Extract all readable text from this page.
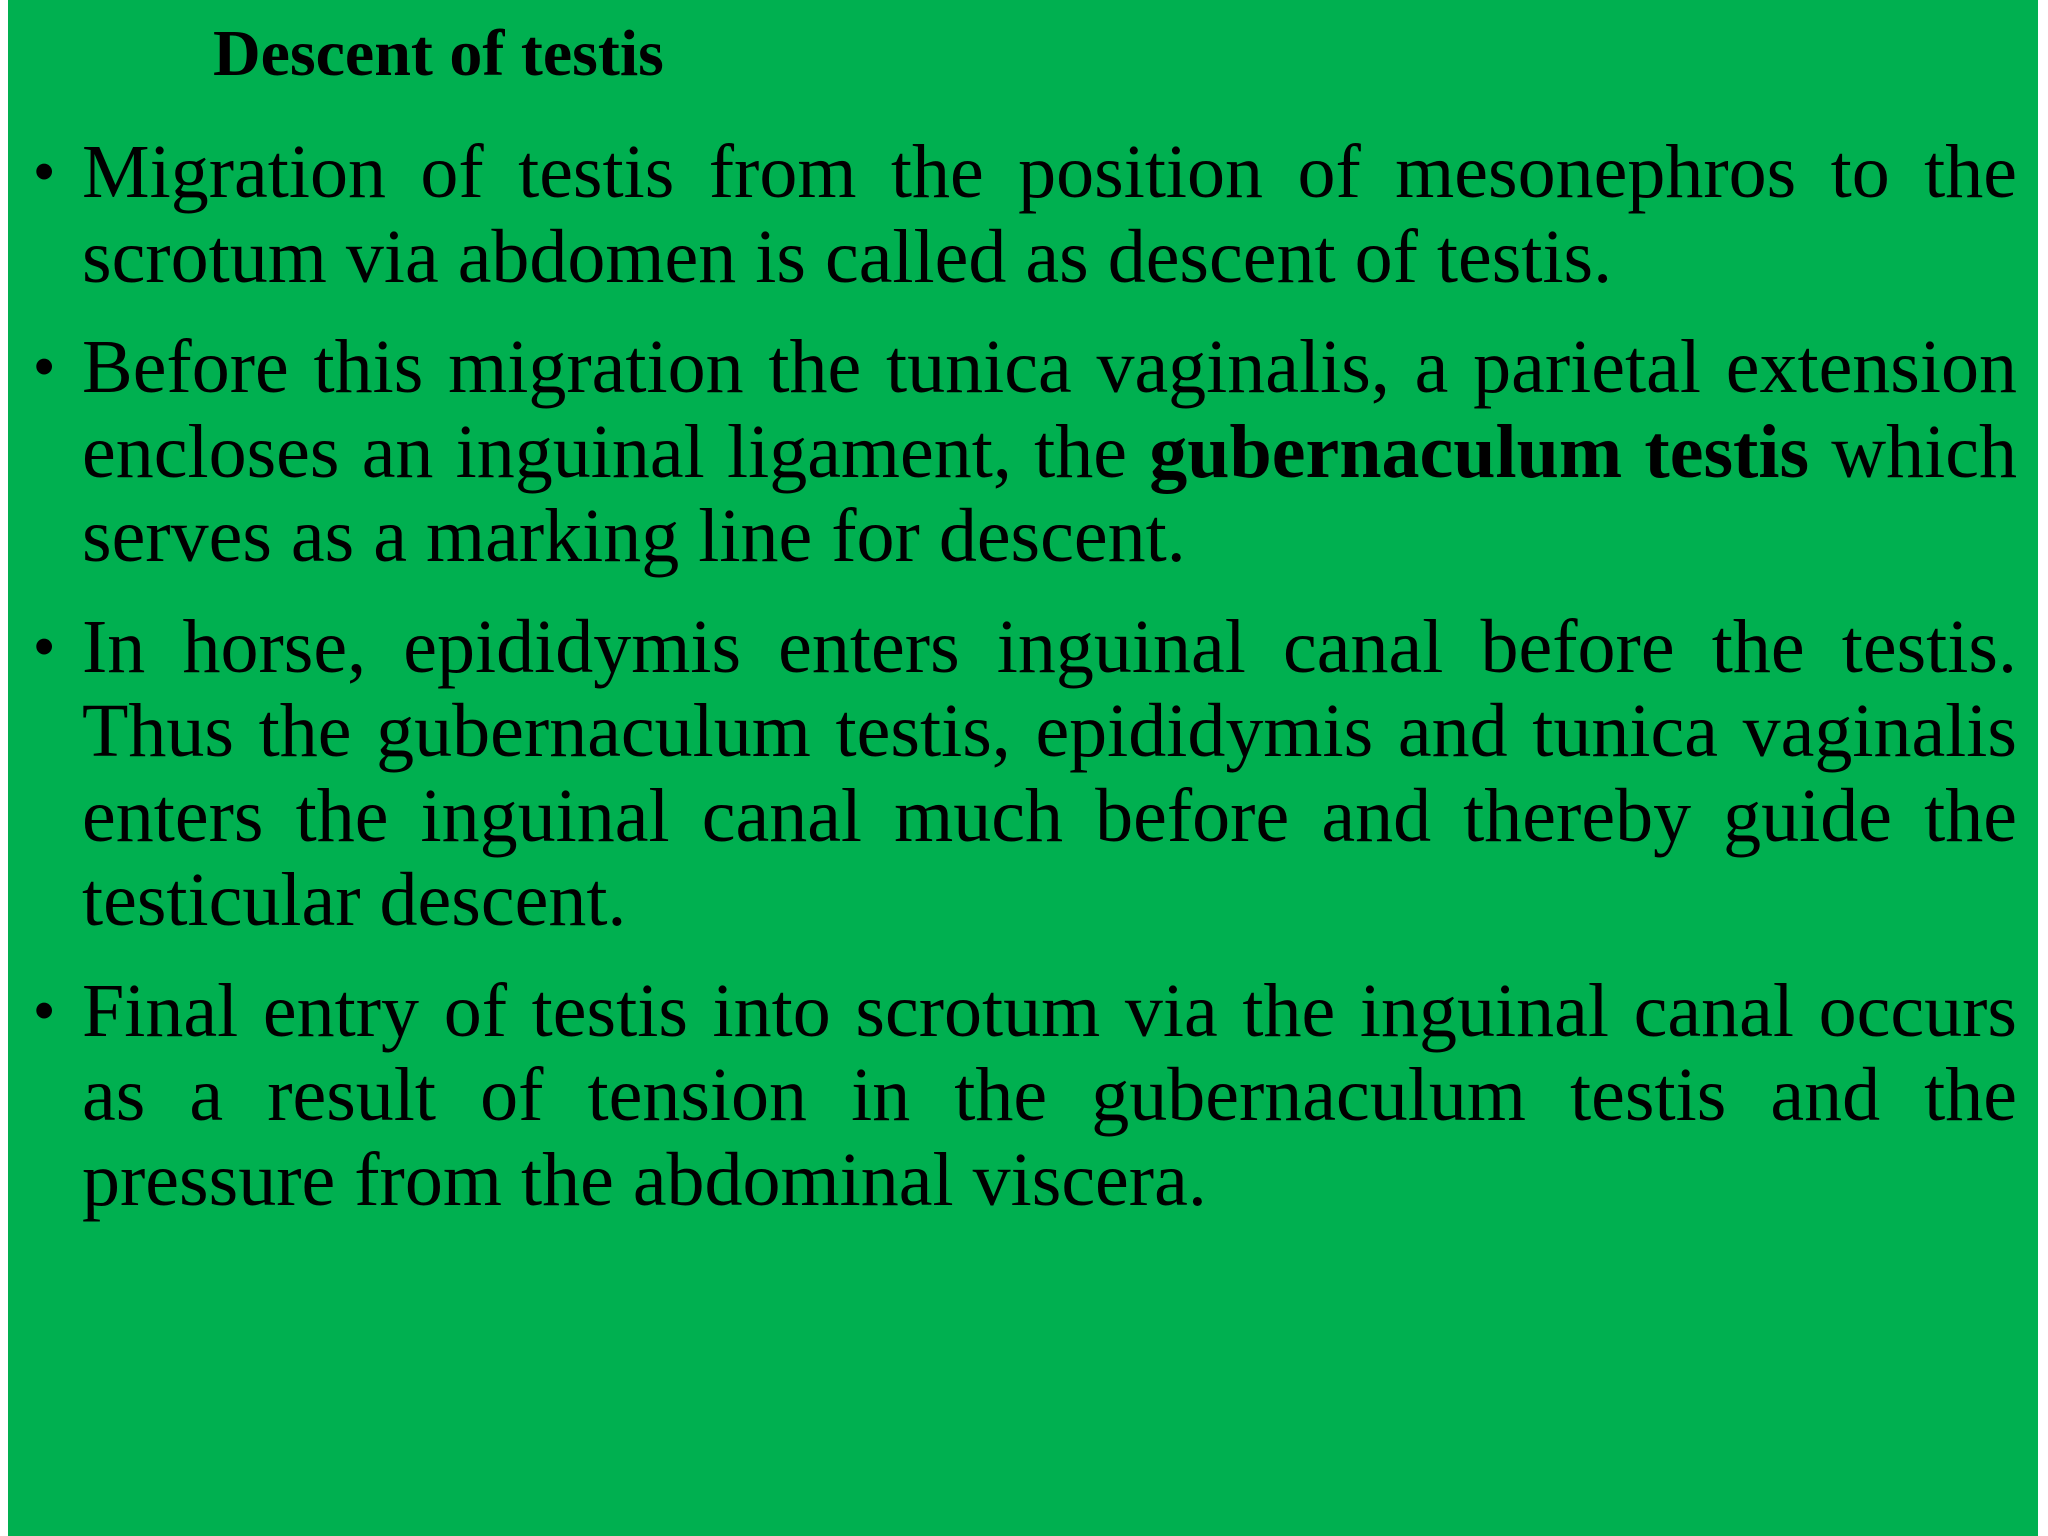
Descent of testis
• Migration of testis from the position of mesonephros to the scrotum via abdomen is called as descent of testis.
• Before this migration the tunica vaginalis, a parietal extension encloses an inguinal ligament, the gubernaculum testis which serves as a marking line for descent.
• In horse, epididymis enters inguinal canal before the testis. Thus the gubernaculum testis, epididymis and tunica vaginalis enters the inguinal canal much before and thereby guide the testicular descent.
• Final entry of testis into scrotum via the inguinal canal occurs as a result of tension in the gubernaculum testis and the pressure from the abdominal viscera.
